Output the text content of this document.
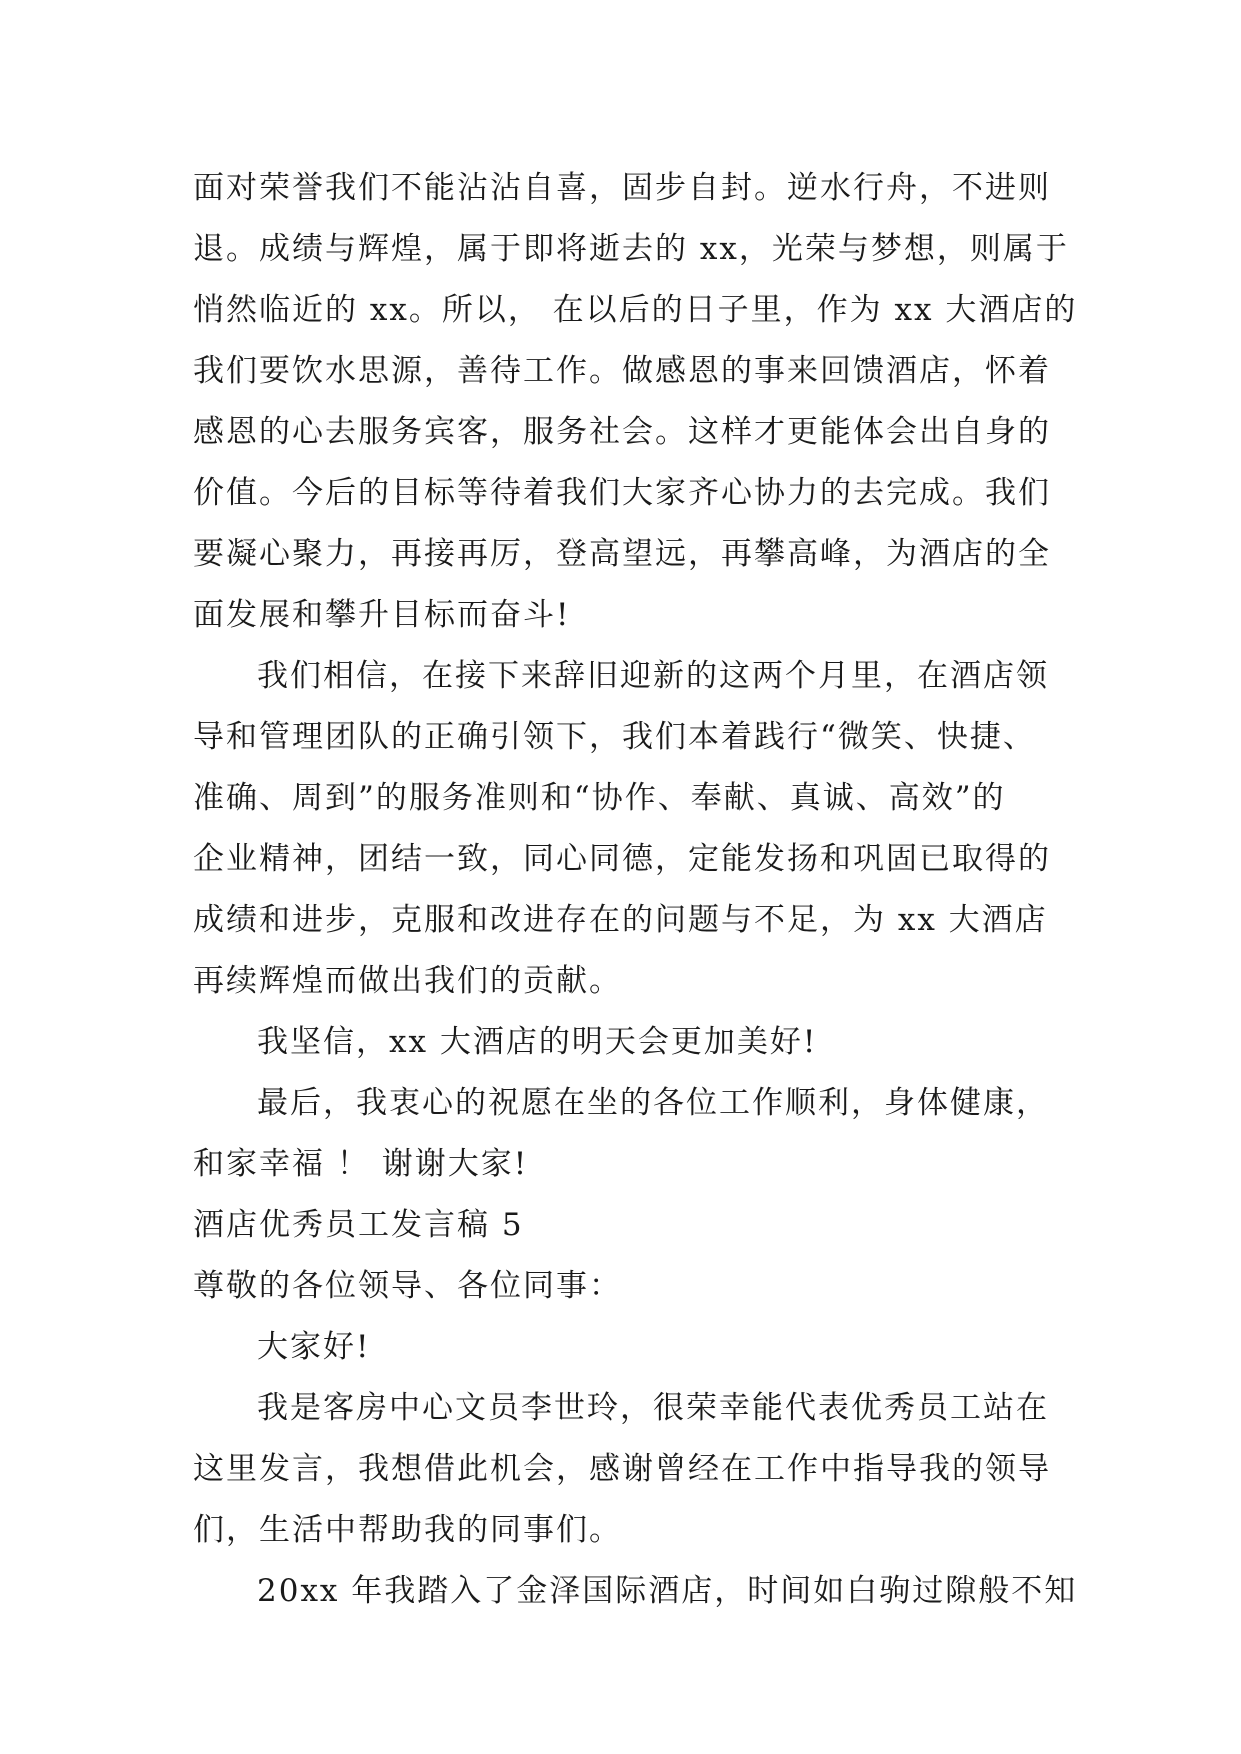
面对荣誉我们不能沾沾自喜，固步自封。逆水行舟，不进则
退。成绩与辉煌，属于即将逝去的 xx，光荣与梦想，则属于
悄然临近的 xx。所以， 在以后的日子里，作为 xx 大酒店的
我们要饮水思源，善待工作。做感恩的事来回馈酒店，怀着
感恩的心去服务宾客，服务社会。这样才更能体会出自身的
价值。今后的目标等待着我们大家齐心协力的去完成。我们
要凝心聚力，再接再厉，登高望远，再攀高峰，为酒店的全
面发展和攀升目标而奋斗!
我们相信，在接下来辞旧迎新的这两个月里，在酒店领
导和管理团队的正确引领下，我们本着践行“微笑、快捷、
准确、周到”的服务准则和“协作、奉献、真诚、高效”的
企业精神，团结一致，同心同德，定能发扬和巩固已取得的
成绩和进步，克服和改进存在的问题与不足，为 xx 大酒店
再续辉煌而做出我们的贡献。
我坚信，xx 大酒店的明天会更加美好!
最后，我衷心的祝愿在坐的各位工作顺利，身体健康，
和家幸福 ！ 谢谢大家!
酒店优秀员工发言稿 5
尊敬的各位领导、各位同事：
大家好!
我是客房中心文员李世玲，很荣幸能代表优秀员工站在
这里发言，我想借此机会，感谢曾经在工作中指导我的领导
们，生活中帮助我的同事们。
20xx 年我踏入了金泽国际酒店，时间如白驹过隙般不知
